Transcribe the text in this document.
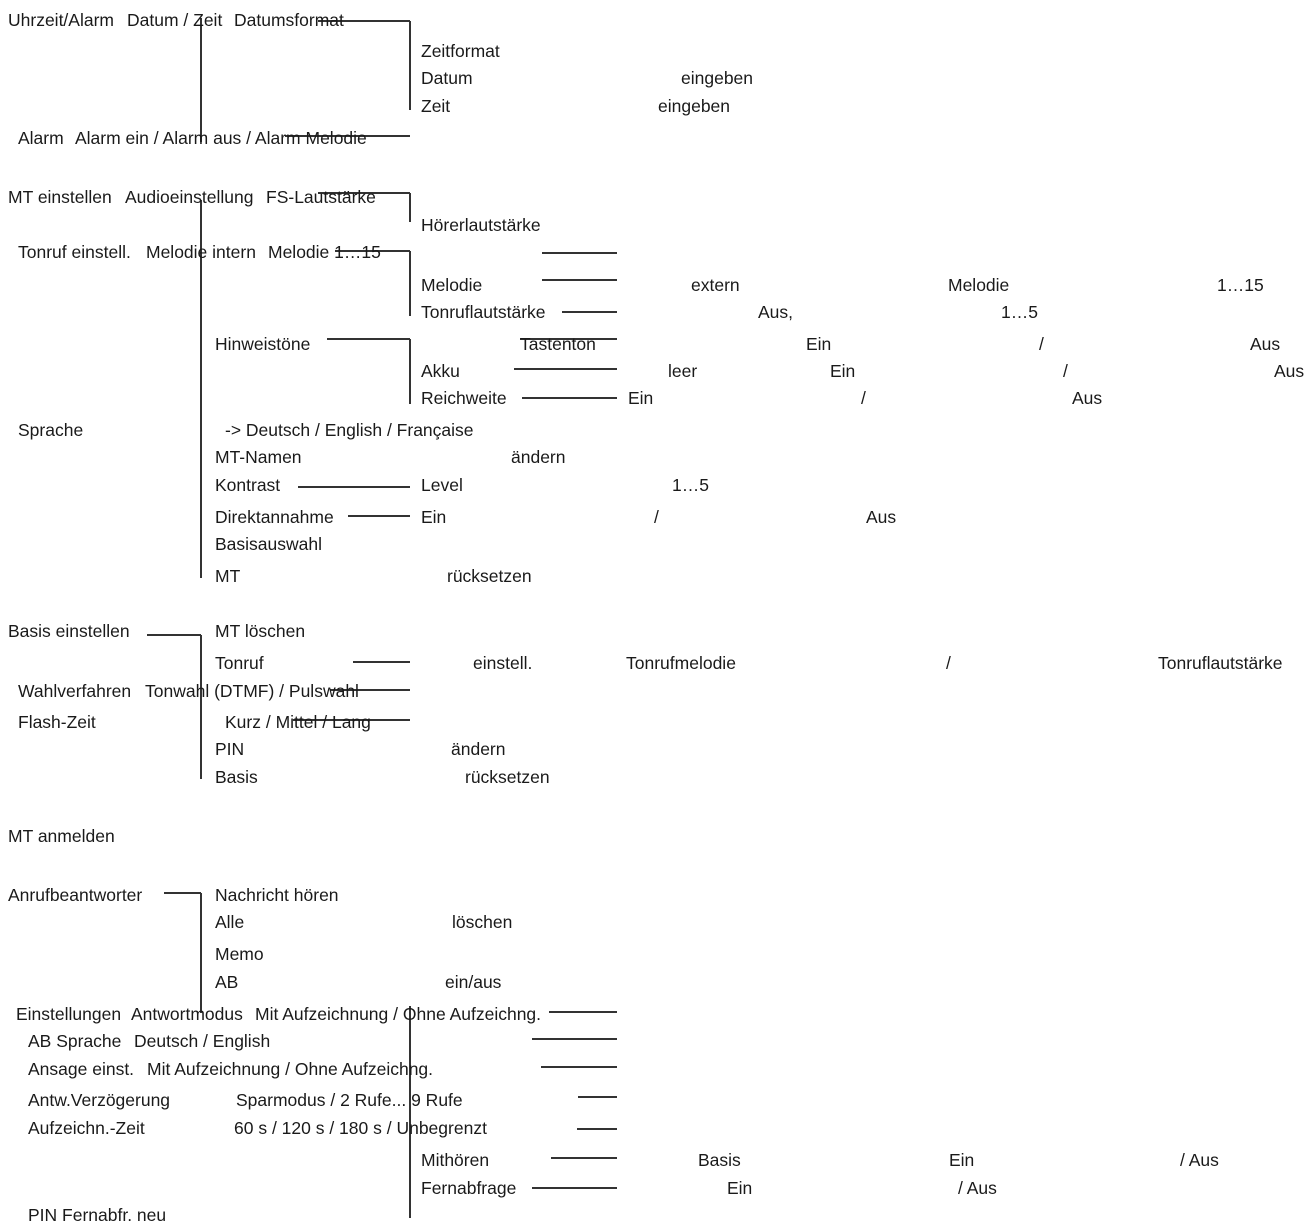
Uhrzeit/Alarm Datum / Zeit Datumsformat
Zeitformat
Datum	eingeben
Zeit	eingeben
Alarm Alarm ein / Alarm aus / Alarm Melodie
MT einstellen Audioeinstellung FS-Lautstärke
Hörerlautstärke
Tonruf einstell. Melodie intern Melodie 1…15
Melodie	extern	Melodie	1…15
Tonruflautstärke	Aus,	1…5
Hinweistöne	Tastenton	Ein	/	Aus
Akku	leer	Ein	/	Aus
Reichweite	Ein	/	Aus
Sprache	-> Deutsch / English / Française
MT-Namen	ändern
Kontrast	Level	1…5
Direktannahme	Ein	/	Aus
Basisauswahl
MT	rücksetzen
Basis einstellen	MT löschen
Tonruf	einstell.	Tonrufmelodie	/	Tonruflautstärke
Wahlverfahren Tonwahl (DTMF) / Pulswahl
Flash-Zeit	Kurz / Mittel / Lang
PIN	ändern
Basis	rücksetzen
MT anmelden
Anrufbeantworter	Nachricht hören
Alle	löschen
Memo
AB	ein/aus
Einstellungen Antwortmodus Mit Aufzeichnung / Ohne Aufzeichng.
AB Sprache Deutsch / English
Ansage einst. Mit Aufzeichnung / Ohne Aufzeichng.
Antw.Verzögerung	Sparmodus / 2 Rufe... 9 Rufe
Aufzeichn.-Zeit	60 s / 120 s / 180 s / Unbegrenzt
Mithören	Basis	Ein	/ Aus
Fernabfrage	Ein	/ Aus
PIN Fernabfr. neu
